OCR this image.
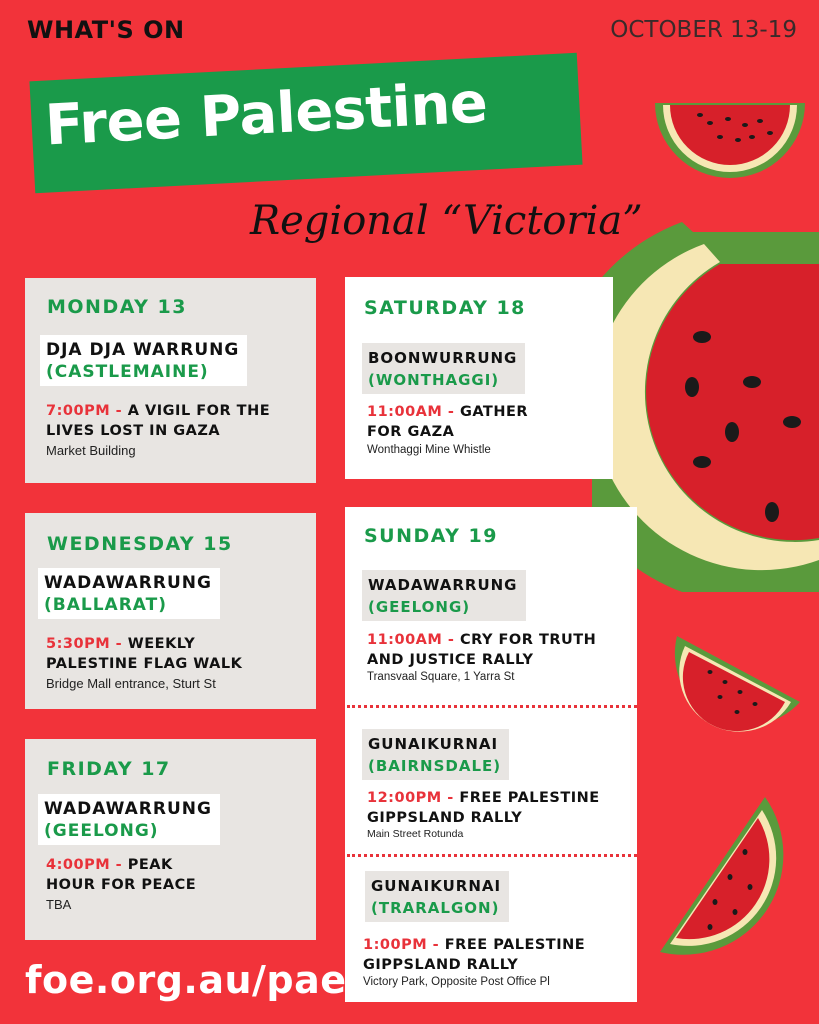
WHAT'S ON	OCTOBER 13-19
Free Palestine
Regional “Victoria”
MONDAY 13
DJA DJA WARRUNG
(CASTLEMAINE)
7:00PM - A VIGIL FOR THE
LIVES LOST IN GAZA
Market Building
WEDNESDAY 15
WADAWARRUNG
(BALLARAT)
5:30PM - WEEKLY
PALESTINE FLAG WALK
Bridge Mall entrance, Sturt St
FRIDAY 17
WADAWARRUNG
(GEELONG)
4:00PM - PEAK
HOUR FOR PEACE
TBA
SATURDAY 18
BOONWURRUNG
(WONTHAGGI)
11:00AM - GATHER
FOR GAZA
Wonthaggi Mine Whistle
SUNDAY 19
WADAWARRUNG
(GEELONG)
11:00AM - CRY FOR TRUTH
AND JUSTICE RALLY
Transvaal Square, 1 Yarra St
GUNAIKURNAI
(BAIRNSDALE)
12:00PM - FREE PALESTINE
GIPPSLAND RALLY
Main Street Rotunda
GUNAIKURNAI
(TRARALGON)
1:00PM - FREE PALESTINE
GIPPSLAND RALLY
Victory Park, Opposite Post Office Pl
foe.org.au/pae
